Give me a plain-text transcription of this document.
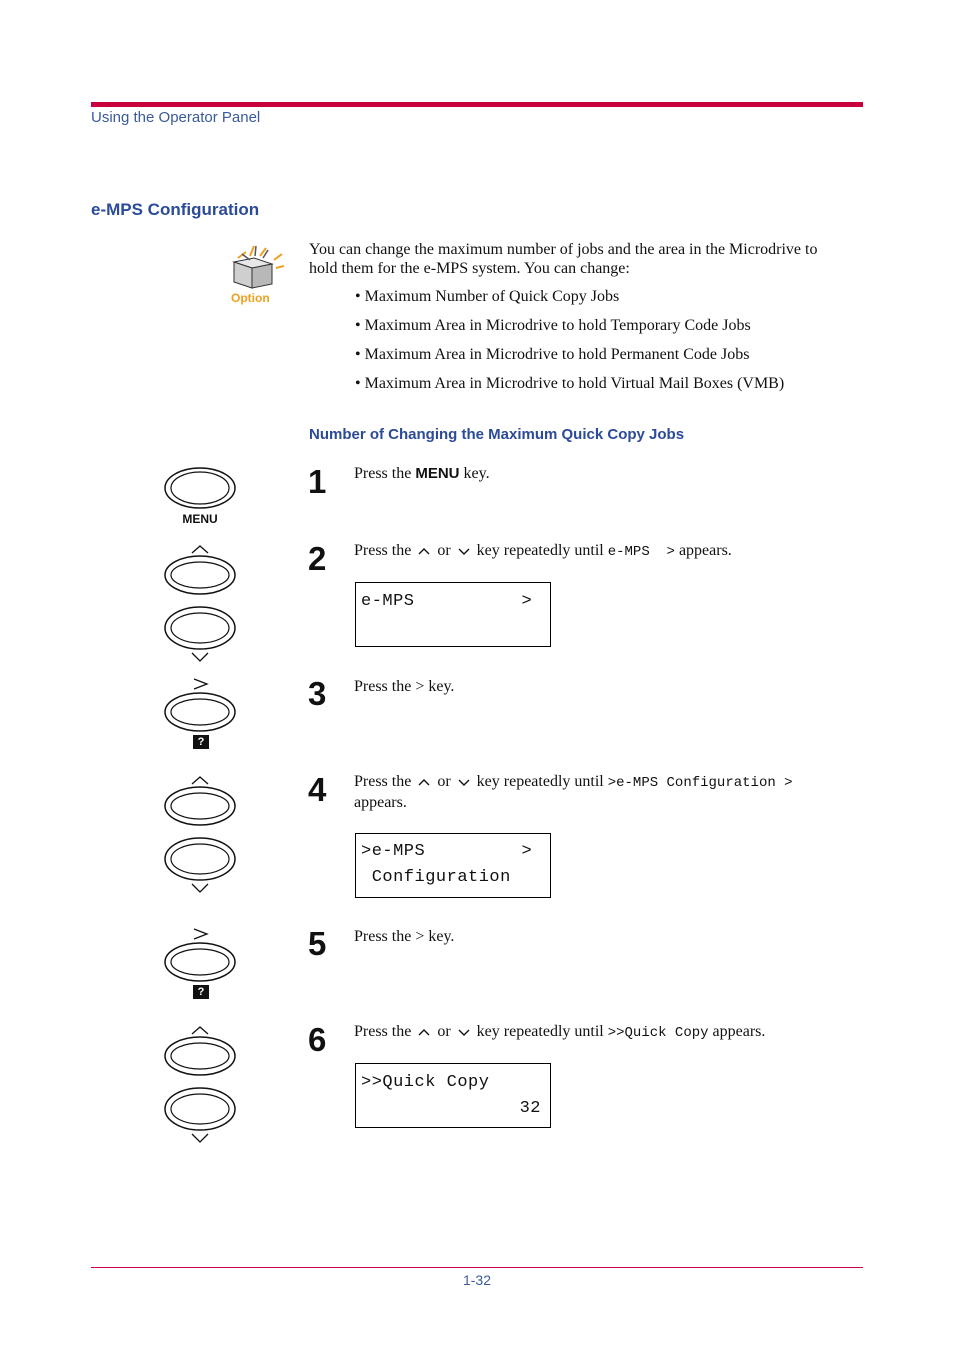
Using the Operator Panel
e-MPS Configuration
Option
You can change the maximum number of jobs and the area in the Microdrive to hold them for the e-MPS system. You can change:
• Maximum Number of Quick Copy Jobs
• Maximum Area in Microdrive to hold Temporary Code Jobs
• Maximum Area in Microdrive to hold Permanent Code Jobs
• Maximum Area in Microdrive to hold Virtual Mail Boxes (VMB)
Number of Changing the Maximum Quick Copy Jobs
MENU
?
?
1 Press the MENU key.
2 Press the or key repeatedly until e-MPS  > appears.
e-MPS          >
3 Press the > key.
4 Press the or key repeatedly until >e-MPS Configuration >
appears.
>e-MPS         >
Configuration
5 Press the > key.
6 Press the or key repeatedly until >>Quick Copy appears.
>>Quick Copy
32
1-32
